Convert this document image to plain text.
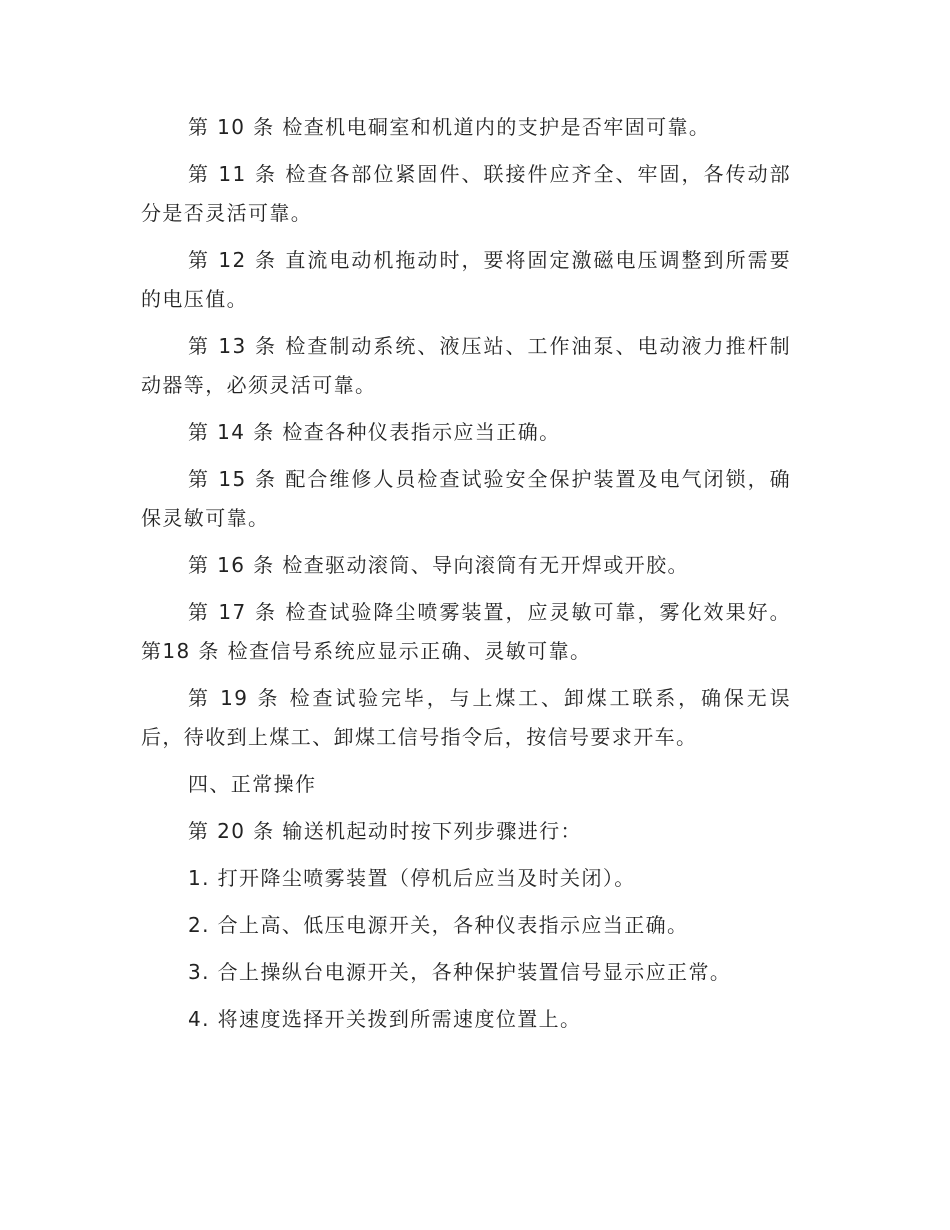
第 10 条 检查机电硐室和机道内的支护是否牢固可靠。

第 11 条 检查各部位紧固件、联接件应齐全、牢固，各传动部分是否灵活可靠。

第 12 条 直流电动机拖动时，要将固定激磁电压调整到所需要的电压值。

第 13 条 检查制动系统、液压站、工作油泵、电动液力推杆制动器等，必须灵活可靠。

第 14 条 检查各种仪表指示应当正确。

第 15 条 配合维修人员检查试验安全保护装置及电气闭锁，确保灵敏可靠。

第 16 条 检查驱动滚筒、导向滚筒有无开焊或开胶。

第 17 条 检查试验降尘喷雾装置，应灵敏可靠，雾化效果好。第18 条 检查信号系统应显示正确、灵敏可靠。

第 19 条 检查试验完毕，与上煤工、卸煤工联系，确保无误后，待收到上煤工、卸煤工信号指令后，按信号要求开车。

四、正常操作

第 20 条 输送机起动时按下列步骤进行：

1. 打开降尘喷雾装置（停机后应当及时关闭）。

2. 合上高、低压电源开关，各种仪表指示应当正确。

3. 合上操纵台电源开关，各种保护装置信号显示应正常。

4. 将速度选择开关拨到所需速度位置上。
